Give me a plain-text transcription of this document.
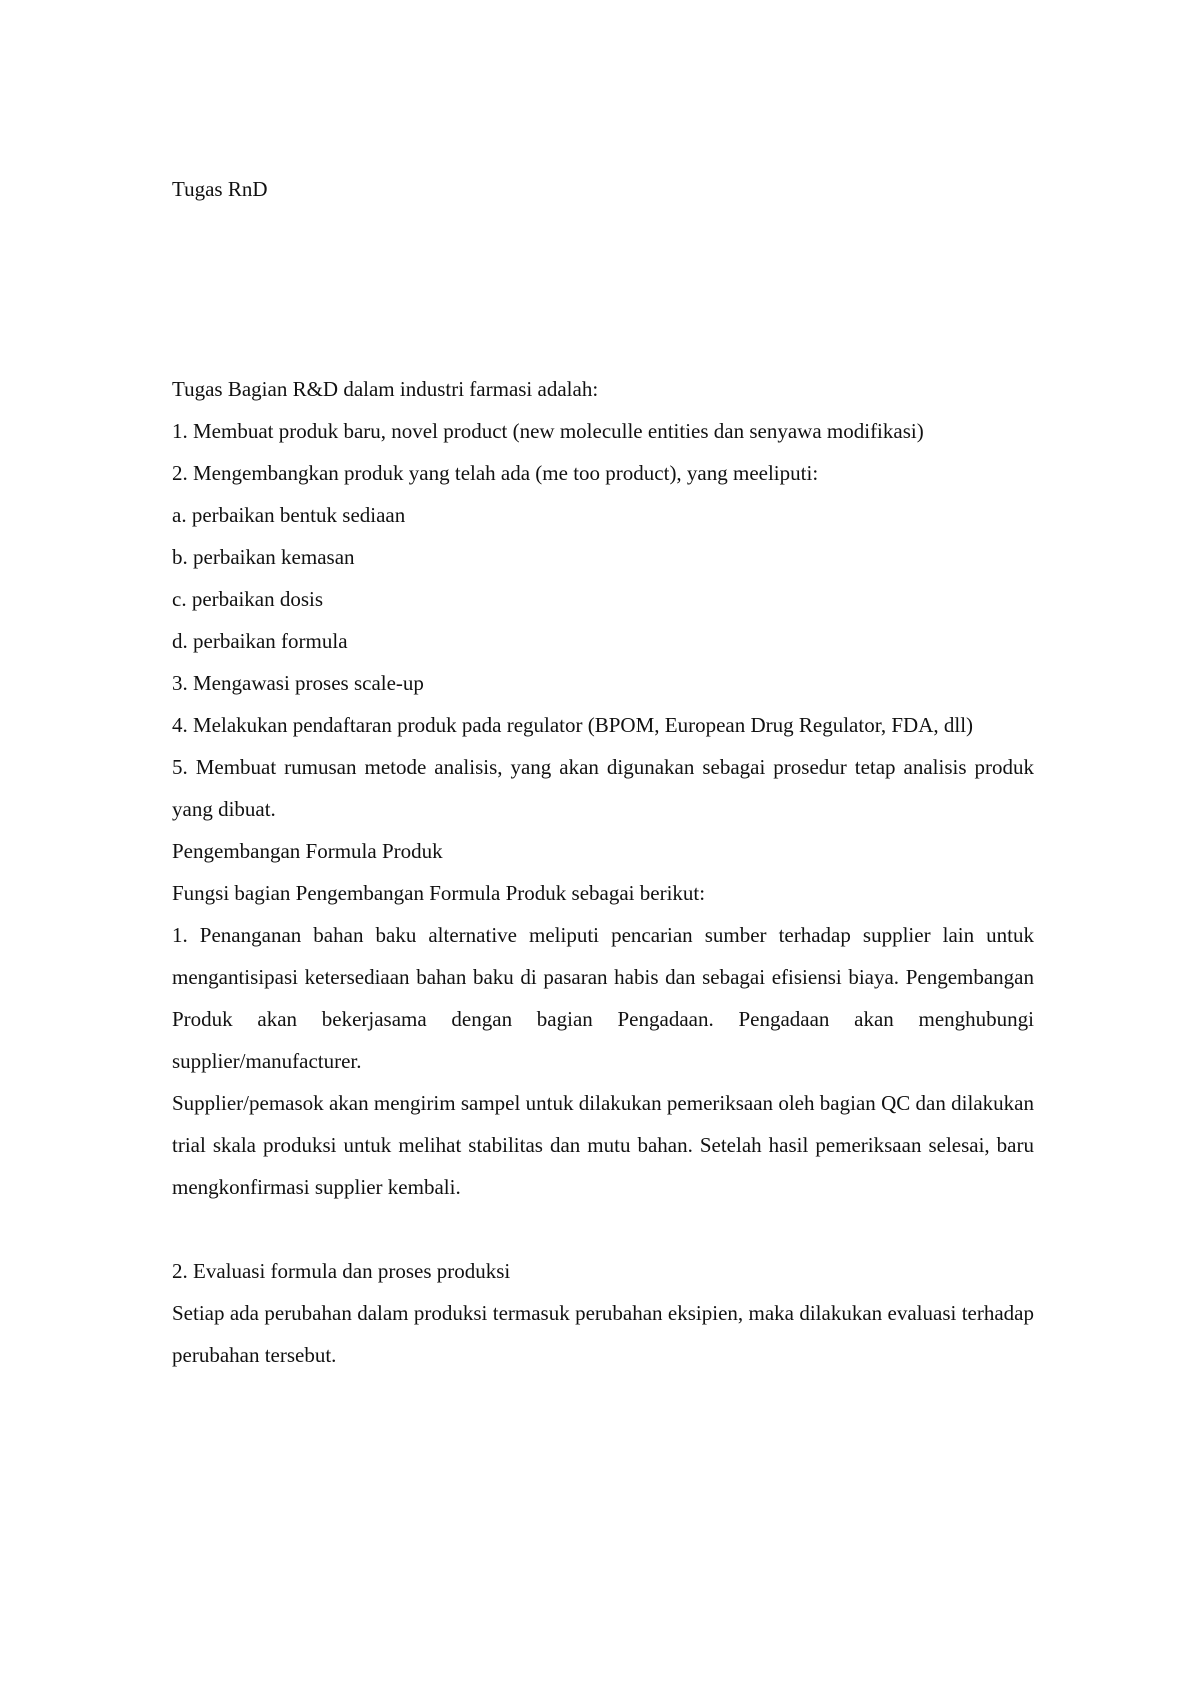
Tugas RnD

Tugas Bagian R&D dalam industri farmasi adalah:

1. Membuat produk baru, novel product (new moleculle entities dan senyawa modifikasi)

2. Mengembangkan produk yang telah ada (me too product), yang meeliputi:

a. perbaikan bentuk sediaan

b. perbaikan kemasan

c. perbaikan dosis

d. perbaikan formula

3. Mengawasi proses scale-up

4. Melakukan pendaftaran produk pada regulator (BPOM, European Drug Regulator, FDA, dll)

5. Membuat rumusan metode analisis, yang akan digunakan sebagai prosedur tetap analisis produk yang dibuat.

Pengembangan Formula Produk

Fungsi bagian Pengembangan Formula Produk sebagai berikut:

1. Penanganan bahan baku alternative meliputi pencarian sumber terhadap supplier lain untuk mengantisipasi ketersediaan bahan baku di pasaran habis dan sebagai efisiensi biaya. Pengembangan Produk akan bekerjasama dengan bagian Pengadaan. Pengadaan akan menghubungi supplier/manufacturer.

Supplier/pemasok akan mengirim sampel untuk dilakukan pemeriksaan oleh bagian QC dan dilakukan trial skala produksi untuk melihat stabilitas dan mutu bahan. Setelah hasil pemeriksaan selesai, baru mengkonfirmasi supplier kembali.

2. Evaluasi formula dan proses produksi

Setiap ada perubahan dalam produksi termasuk perubahan eksipien, maka dilakukan evaluasi terhadap perubahan tersebut.
